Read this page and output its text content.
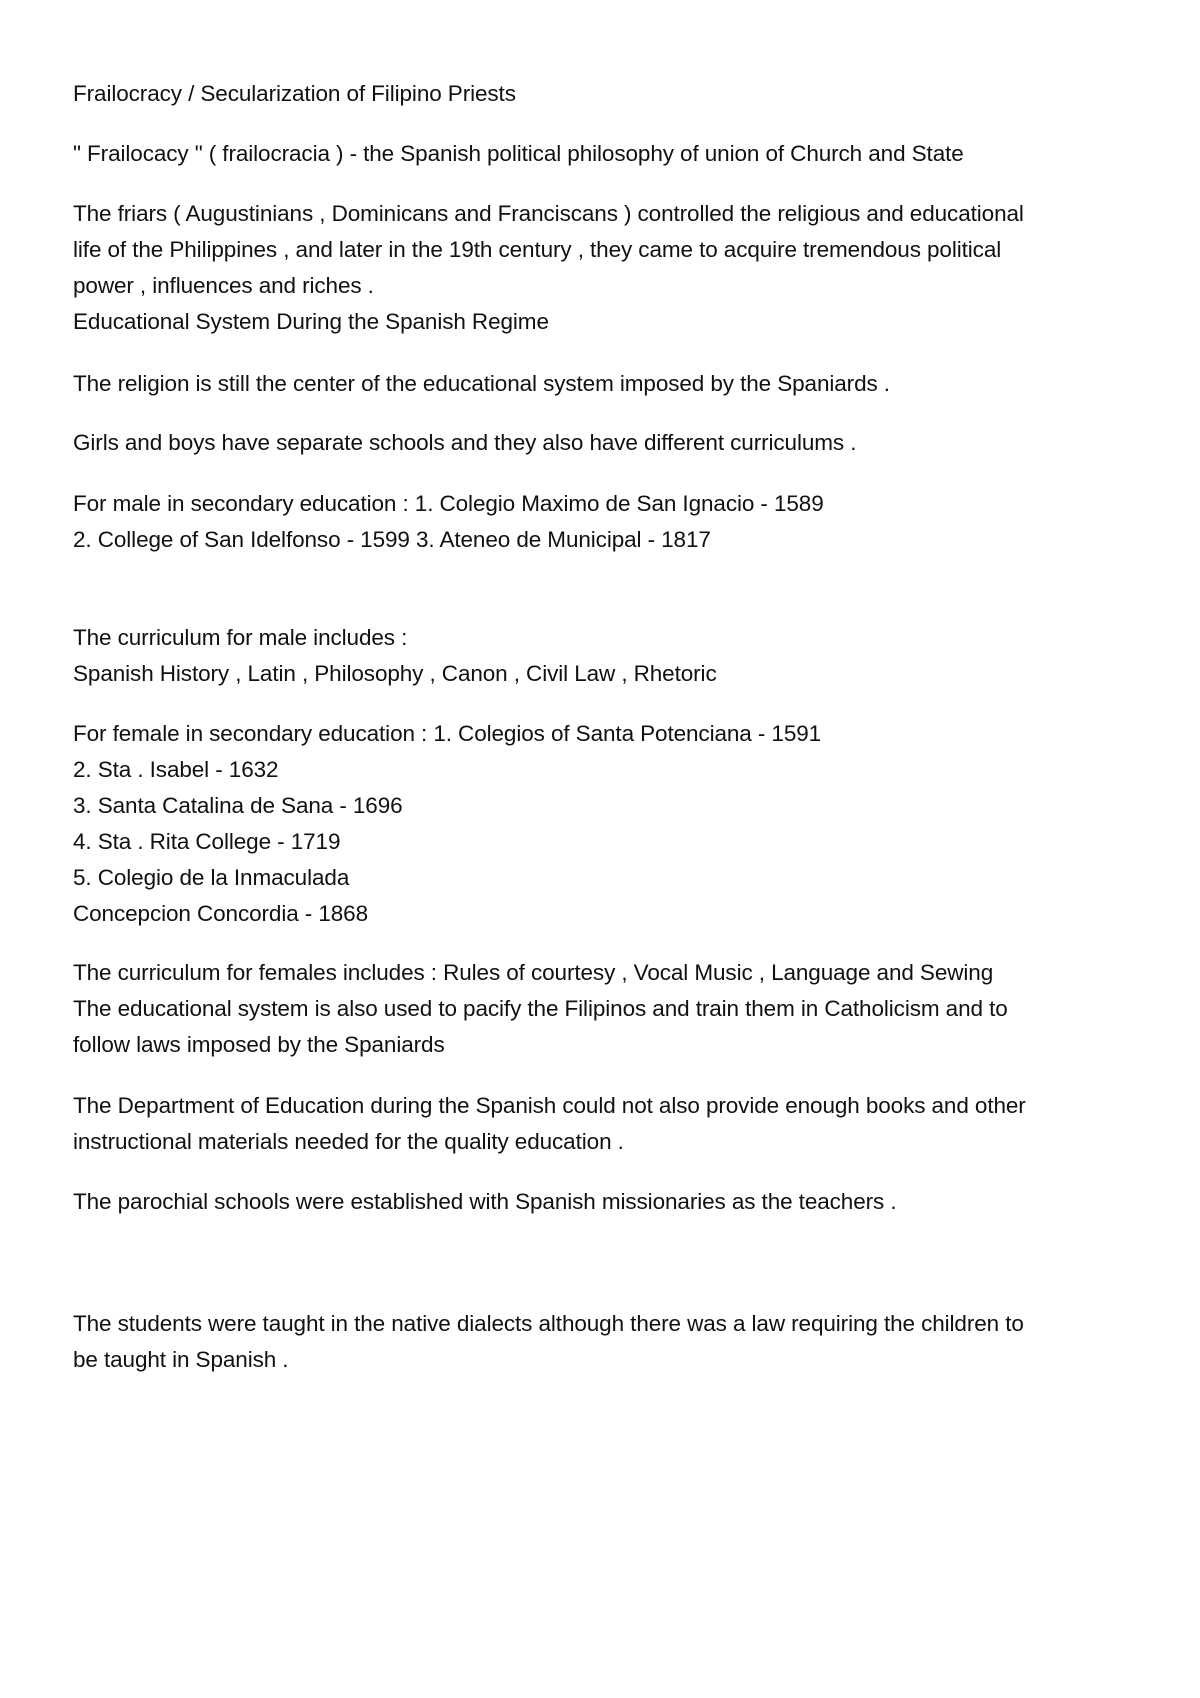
Frailocracy / Secularization of Filipino Priests
" Frailocacy " ( frailocracia ) - the Spanish political philosophy of union of Church and State
The friars ( Augustinians , Dominicans and Franciscans ) controlled the religious and educational
life of the Philippines , and later in the 19th century , they came to acquire tremendous political
power , influences and riches .
Educational System During the Spanish Regime
The religion is still the center of the educational system imposed by the Spaniards .
Girls and boys have separate schools and they also have different curriculums .
For male in secondary education : 1. Colegio Maximo de San Ignacio - 1589
2. College of San Idelfonso - 1599 3. Ateneo de Municipal - 1817
The curriculum for male includes :
Spanish History , Latin , Philosophy , Canon , Civil Law , Rhetoric
For female in secondary education : 1. Colegios of Santa Potenciana - 1591
2. Sta . Isabel - 1632
3. Santa Catalina de Sana - 1696
4. Sta . Rita College - 1719
5. Colegio de la Inmaculada
Concepcion Concordia - 1868
The curriculum for females includes : Rules of courtesy , Vocal Music , Language and Sewing
The educational system is also used to pacify the Filipinos and train them in Catholicism and to
follow laws imposed by the Spaniards
The Department of Education during the Spanish could not also provide enough books and other
instructional materials needed for the quality education .
The parochial schools were established with Spanish missionaries as the teachers .
The students were taught in the native dialects although there was a law requiring the children to
be taught in Spanish .
